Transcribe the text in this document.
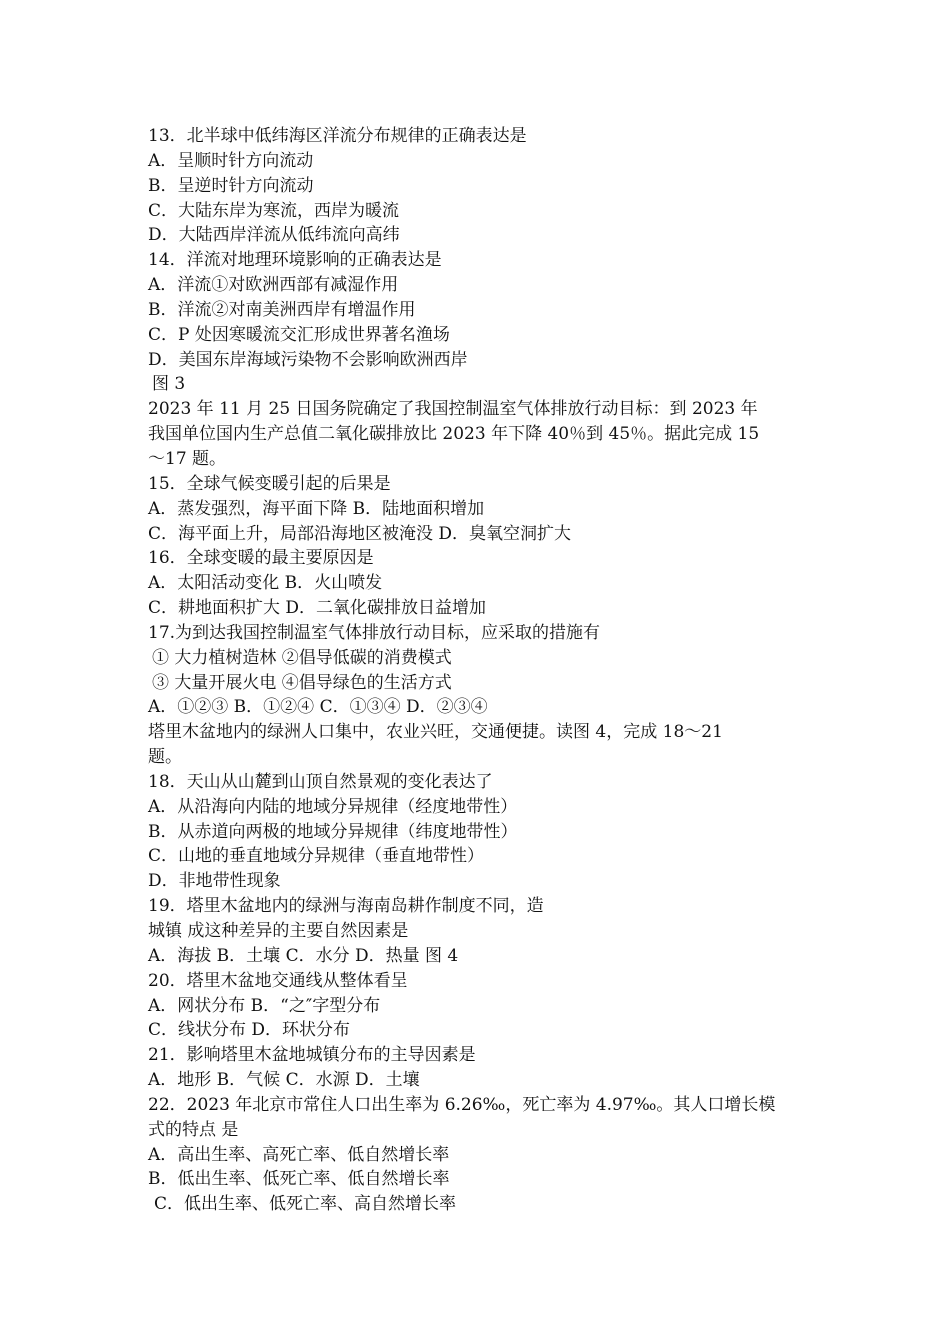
13．北半球中低纬海区洋流分布规律的正确表达是
A．呈顺时针方向流动
B．呈逆时针方向流动
C．大陆东岸为寒流，西岸为暖流
D．大陆西岸洋流从低纬流向高纬
14．洋流对地理环境影响的正确表达是
A．洋流①对欧洲西部有减湿作用
B．洋流②对南美洲西岸有增温作用
C．P 处因寒暖流交汇形成世界著名渔场
D．美国东岸海域污染物不会影响欧洲西岸
图 3
2023 年 11 月 25 日国务院确定了我国控制温室气体排放行动目标：到 2023 年
我国单位国内生产总值二氧化碳排放比 2023 年下降 40％到 45％。据此完成 15
～17 题。
15．全球气候变暖引起的后果是
A．蒸发强烈，海平面下降 B．陆地面积增加
C．海平面上升，局部沿海地区被淹没 D．臭氧空洞扩大
16．全球变暖的最主要原因是
A．太阳活动变化 B．火山喷发
C．耕地面积扩大 D．二氧化碳排放日益增加
17.为到达我国控制温室气体排放行动目标，应采取的措施有
① 大力植树造林 ②倡导低碳的消费模式
③ 大量开展火电 ④倡导绿色的生活方式
A．①②③ B．①②④ C．①③④ D．②③④
塔里木盆地内的绿洲人口集中，农业兴旺，交通便捷。读图 4，完成 18～21
题。
18．天山从山麓到山顶自然景观的变化表达了
A．从沿海向内陆的地域分异规律（经度地带性）
B．从赤道向两极的地域分异规律（纬度地带性）
C．山地的垂直地域分异规律（垂直地带性）
D．非地带性现象
19．塔里木盆地内的绿洲与海南岛耕作制度不同，造
城镇 成这种差异的主要自然因素是
A．海拔 B．土壤 C．水分 D．热量 图 4
20．塔里木盆地交通线从整体看呈
A．网状分布 B．“之″字型分布
C．线状分布 D．环状分布
21．影响塔里木盆地城镇分布的主导因素是
A．地形 B．气候 C．水源 D．土壤
22．2023 年北京市常住人口出生率为 6.26‰，死亡率为 4.97‰。其人口增长模
式的特点 是
A．高出生率、高死亡率、低自然增长率
B．低出生率、低死亡率、低自然增长率
C．低出生率、低死亡率、高自然增长率
